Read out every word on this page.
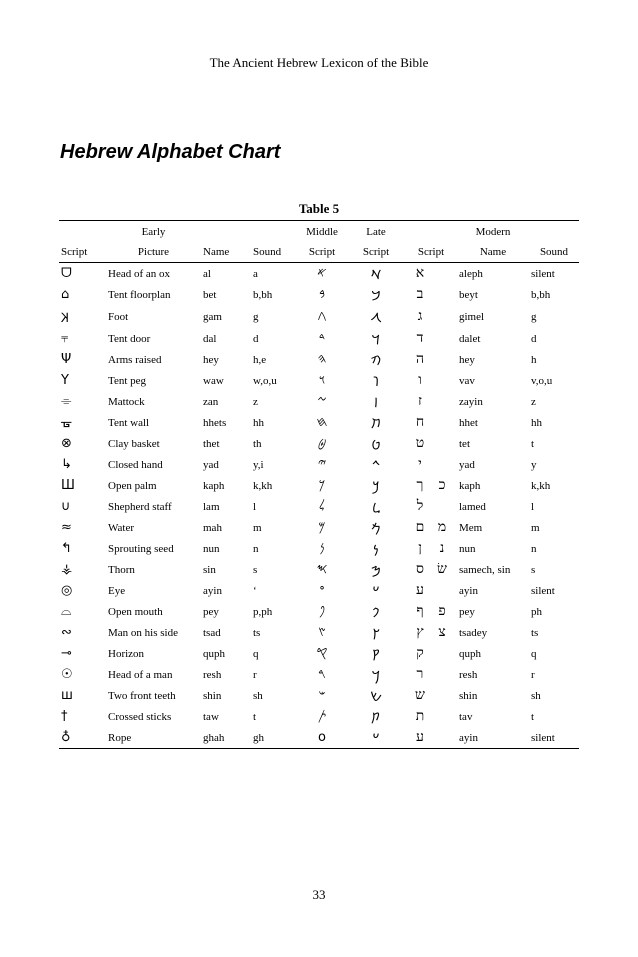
The Ancient Hebrew Lexicon of the Bible
Hebrew Alphabet Chart
Table 5
	Early			Middle	Late		Modern	
Script	Picture	Name	Sound	Script	Script	Script	Name	Sound
ᗜ	Head of an ox	al	a	𐤀	𐡀	א	aleph	silent
⌂	Tent floorplan	bet	b,bh	𐤁	𐡁	ב	beyt	b,bh
𝈲	Foot	gam	g	𐤂	𐡂	ג	gimel	g
⫧	Tent door	dal	d	𐤃	𐡃	ד	dalet	d
Ψ	Arms raised	hey	h,e	𐤄	𐡄	ה	hey	h
Y	Tent peg	waw	w,o,u	𐤅	𐡅	ו	vav	v,o,u
⌯	Mattock	zan	z	𐤆	𐡆	ז	zayin	z
ᚗ	Tent wall	hhets	hh	𐤇	𐡇	ח	hhet	hh
⊗	Clay basket	thet	th	𐤈	𐡈	ט	tet	t
↳	Closed hand	yad	y,i	𐤉	𐡉	י	yad	y
Ш	Open palm	kaph	k,kh	𐤊	𐡊	ך כ	kaph	k,kh
∪	Shepherd staff	lam	l	𐤋	𐡋	ל	lamed	l
≈	Water	mah	m	𐤌	𐡌	ם מ	Mem	m
↰	Sprouting seed	nun	n	𐤍	𐡍	ן נ	nun	n
⚶	Thorn	sin	s	𐤎	𐡎	ס שׂ	samech, sin	s
◎	Eye	ayin	‘	𐤏	𐡏	ע	ayin	silent
⌓	Open mouth	pey	p,ph	𐤐	𐡐	ף פ	pey	ph
∾	Man on his side	tsad	ts	𐤑	𐡑	ץ צ	tsadey	ts
⊸	Horizon	quph	q	𐤒	𐡒	ק	quph	q
☉	Head of a man	resh	r	𐤓	𐡓	ר	resh	r
ш	Two front teeth	shin	sh	𐤔	𐡔	ש	shin	sh
†	Crossed sticks	taw	t	𐤕	𐡕	ת	tav	t
♁	Rope	ghah	gh	o	𐡏	ע	ayin	silent
33
